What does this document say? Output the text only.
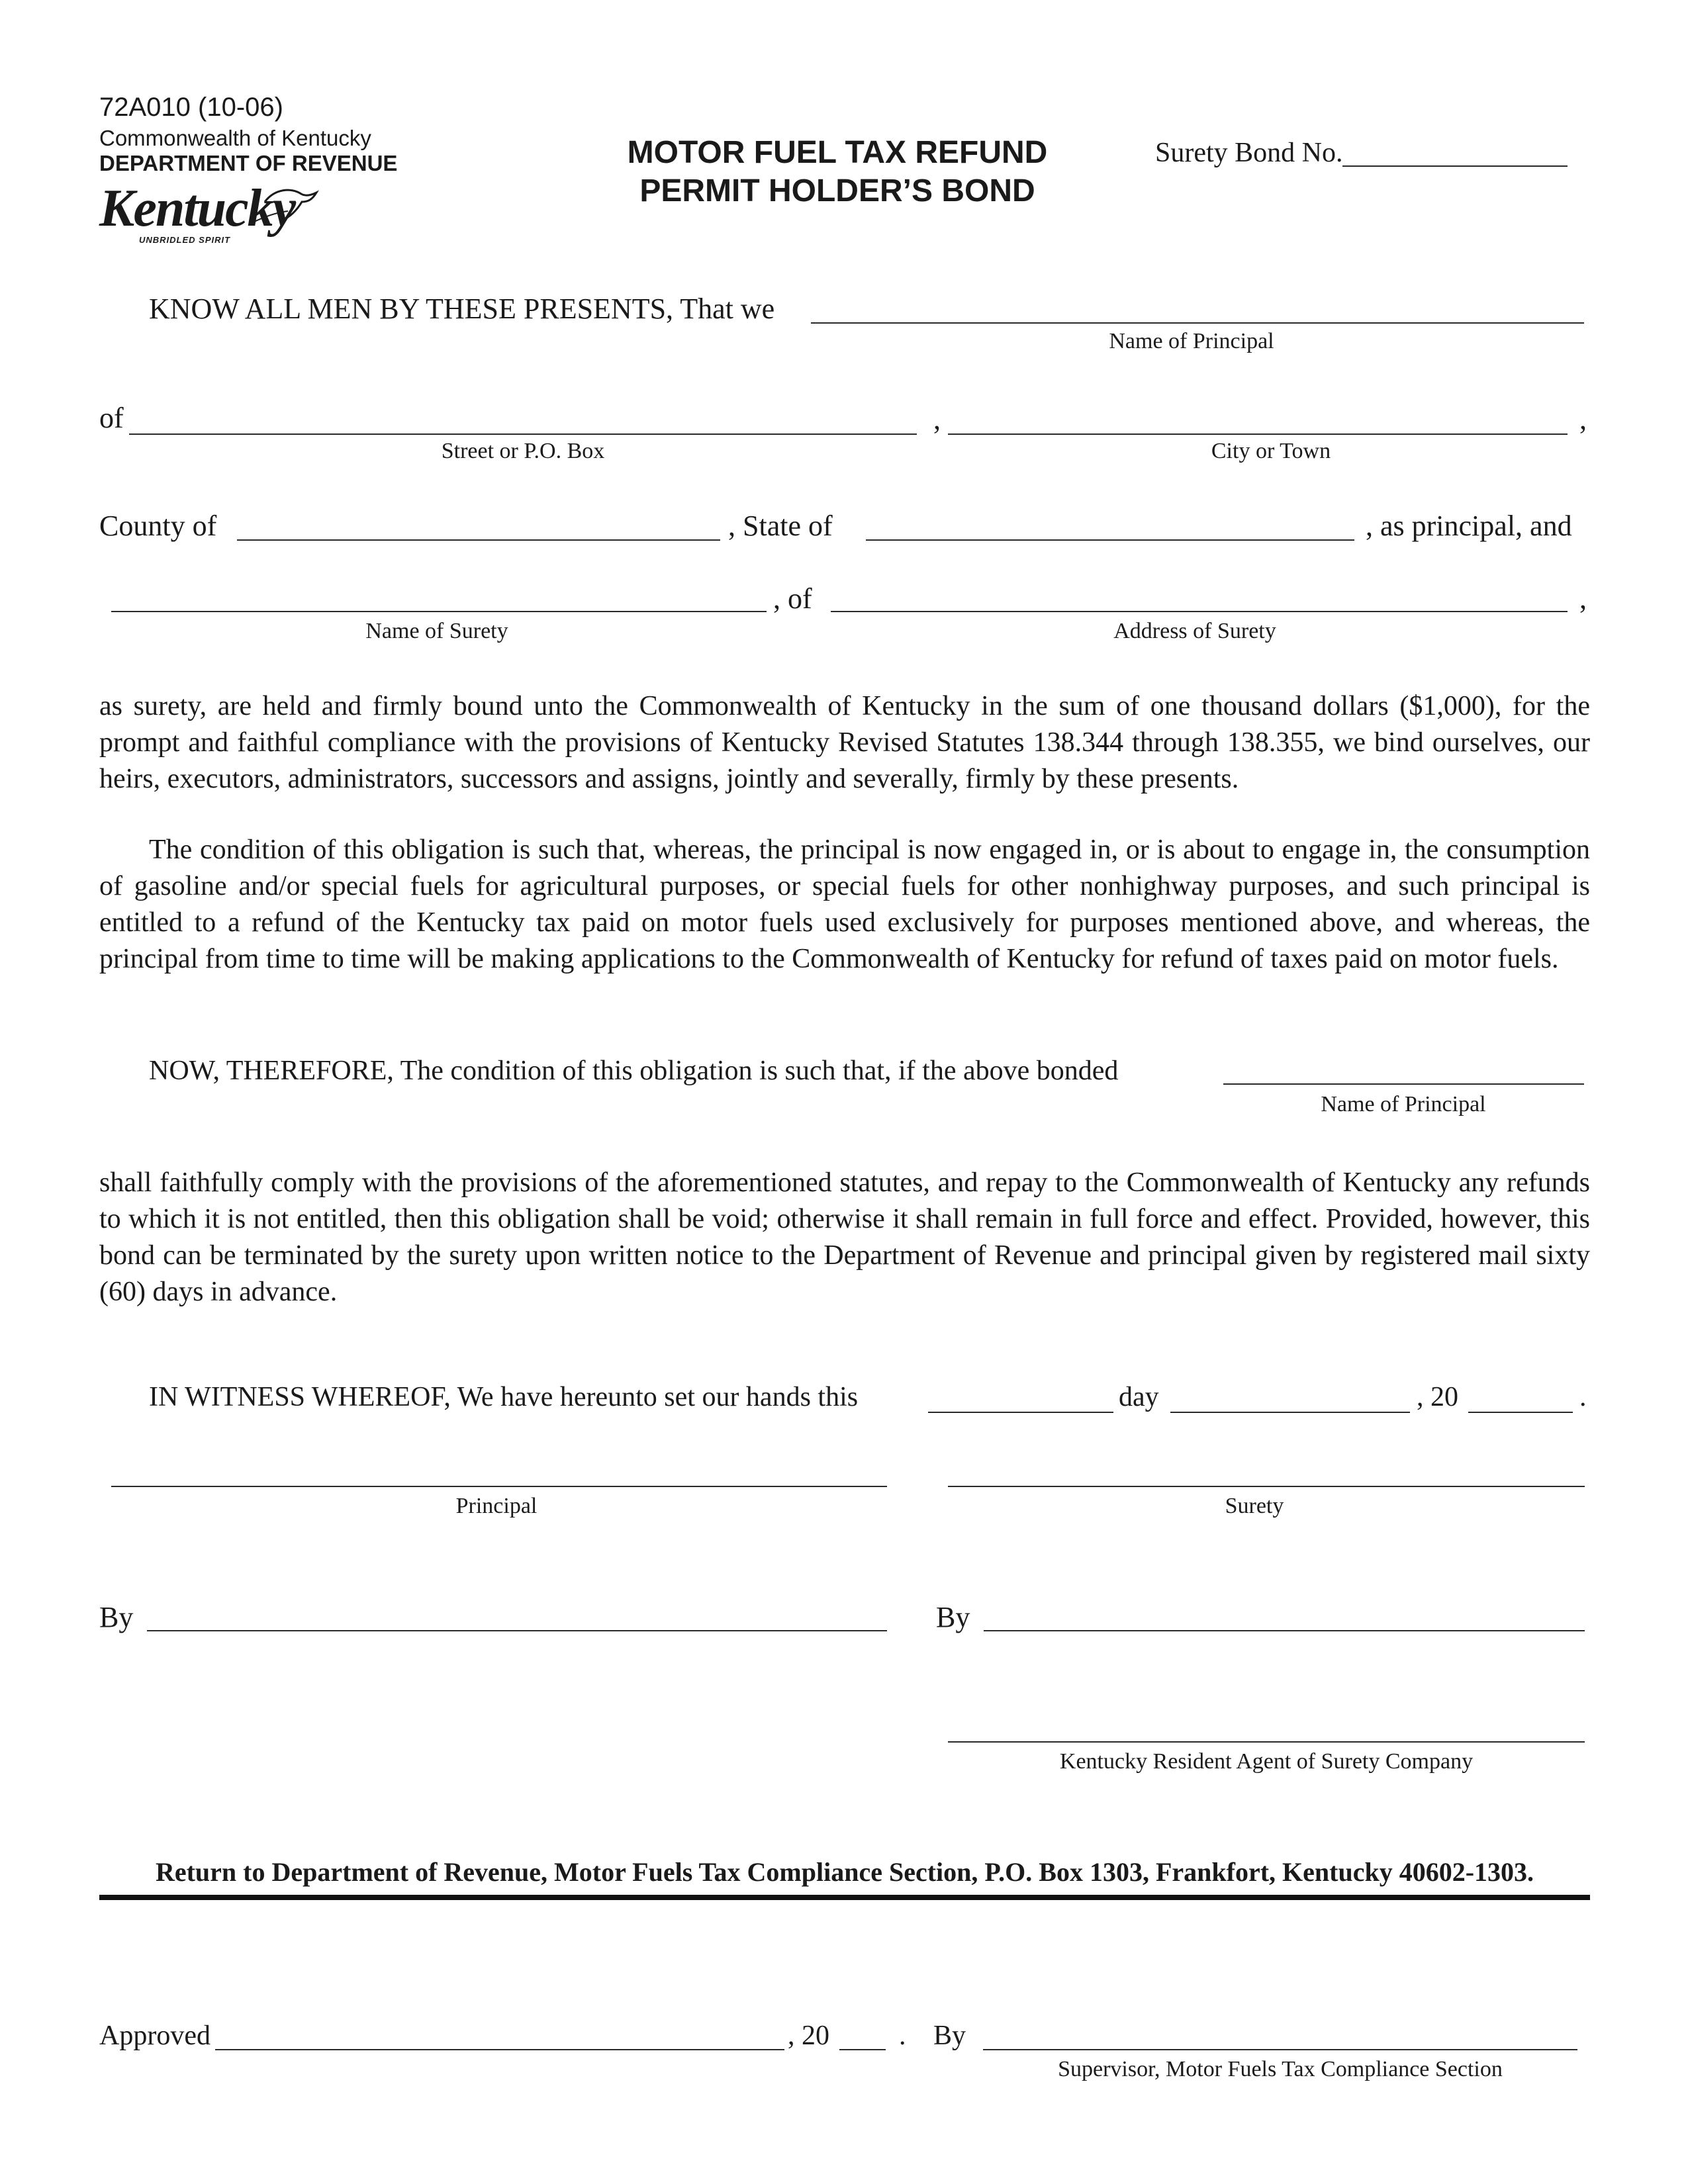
72A010 (10-06)
Commonwealth of Kentucky
DEPARTMENT OF REVENUE
Kentucky
UNBRIDLED SPIRIT
MOTOR FUEL TAX REFUND
PERMIT HOLDER’S BOND
Surety Bond No.
KNOW ALL MEN BY THESE PRESENTS, That we
Name of Principal
of	,	,
Street or P.O. Box	City or Town
County of	, State of	, as principal, and
, of	,
Name of Surety	Address of Surety
as surety, are held and firmly bound unto the Commonwealth of Kentucky in the sum of one thousand dollars ($1,000), for the prompt and faithful compliance with the provisions of Kentucky Revised Statutes 138.344 through 138.355, we bind ourselves, our heirs, executors, administrators, successors and assigns, jointly and severally, firmly by these presents.
The condition of this obligation is such that, whereas, the principal is now engaged in, or is about to engage in, the consumption of gasoline and/or special fuels for agricultural purposes, or special fuels for other nonhighway purposes, and such principal is entitled to a refund of the Kentucky tax paid on motor fuels used exclusively for purposes mentioned above, and whereas, the principal from time to time will be making applications to the Commonwealth of Kentucky for refund of taxes paid on motor fuels.
NOW, THEREFORE, The condition of this obligation is such that, if the above bonded
Name of Principal
shall faithfully comply with the provisions of the aforementioned statutes, and repay to the Commonwealth of Kentucky any refunds to which it is not entitled, then this obligation shall be void; otherwise it shall remain in full force and effect. Provided, however, this bond can be terminated by the surety upon written notice to the Department of Revenue and principal given by registered mail sixty (60) days in advance.
IN WITNESS WHEREOF, We have hereunto set our hands this	day	, 20	.
Principal	Surety
By	By
Kentucky Resident Agent of Surety Company
Return to Department of Revenue, Motor Fuels Tax Compliance Section, P.O. Box 1303, Frankfort, Kentucky 40602-1303.
Approved	, 20	. By
Supervisor, Motor Fuels Tax Compliance Section
